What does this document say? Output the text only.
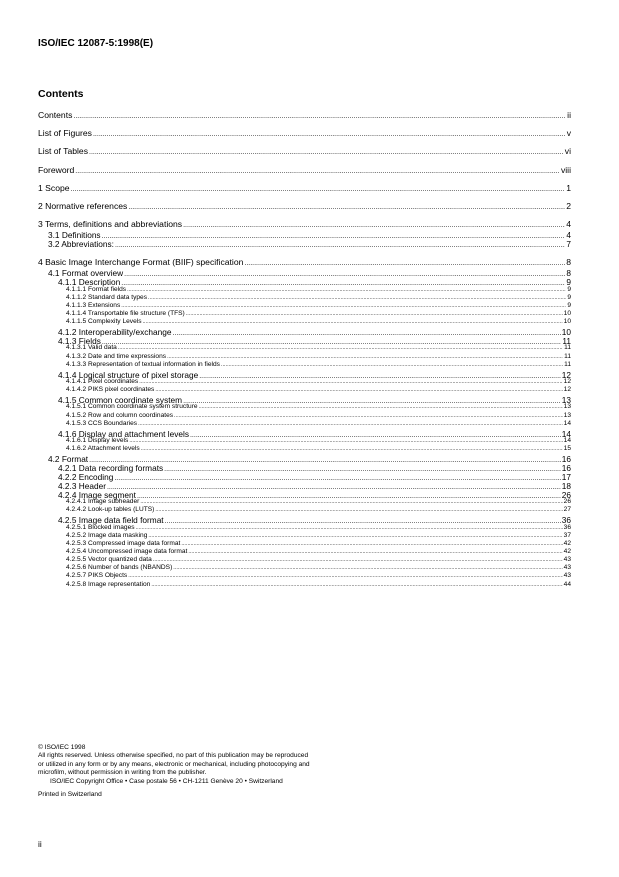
ISO/IEC 12087-5:1998(E)
Contents
Contents .....	ii
List of Figures .....	v
List of Tables .....	vi
Foreword .....	viii
1 Scope .....	1
2 Normative references .....	2
3 Terms, definitions and abbreviations .....	4
3.1 Definitions .....	4
3.2 Abbreviations: .....	7
4 Basic Image Interchange Format (BIIF) specification .....	8
4.1 Format overview .....	8
4.1.1 Description .....	9
4.1.1.1 Format fields .....	9
4.1.1.2 Standard data types .....	9
4.1.1.3 Extensions .....	9
4.1.1.4 Transportable file structure (TFS) .....	10
4.1.1.5 Complexity Levels .....	10
4.1.2 Interoperability/exchange .....	10
4.1.3 Fields .....	11
4.1.3.1 Valid data .....	11
4.1.3.2 Date and time expressions .....	11
4.1.3.3 Representation of textual information in fields .....	11
4.1.4 Logical structure of pixel storage .....	12
4.1.4.1 Pixel coordinates .....	12
4.1.4.2 PIKS pixel coordinates .....	12
4.1.5 Common coordinate system .....	13
4.1.5.1 Common coordinate system structure .....	13
4.1.5.2 Row and column coordinates .....	13
4.1.5.3 CCS Boundaries .....	14
4.1.6 Display and attachment levels .....	14
4.1.6.1 Display levels .....	14
4.1.6.2 Attachment levels .....	15
4.2 Format .....	16
4.2.1 Data recording formats .....	16
4.2.2 Encoding .....	17
4.2.3 Header .....	18
4.2.4 Image segment .....	26
4.2.4.1 Image subheader .....	26
4.2.4.2 Look-up tables (LUTS) .....	27
4.2.5 Image data field format .....	36
4.2.5.1 Blocked images .....	36
4.2.5.2 Image data masking .....	37
4.2.5.3 Compressed image data format .....	42
4.2.5.4 Uncompressed image data format .....	42
4.2.5.5 Vector quantized data .....	43
4.2.5.6 Number of bands (NBANDS) .....	43
4.2.5.7 PIKS Objects .....	43
4.2.5.8 Image representation .....	44
© ISO/IEC 1998
All rights reserved. Unless otherwise specified, no part of this publication may be reproduced
or utilized in any form or by any means, electronic or mechanical, including photocopying and
microfilm, without permission in writing from the publisher.
ISO/IEC Copyright Office • Case postale 56 • CH-1211 Genève 20 • Switzerland
Printed in Switzerland
ii
